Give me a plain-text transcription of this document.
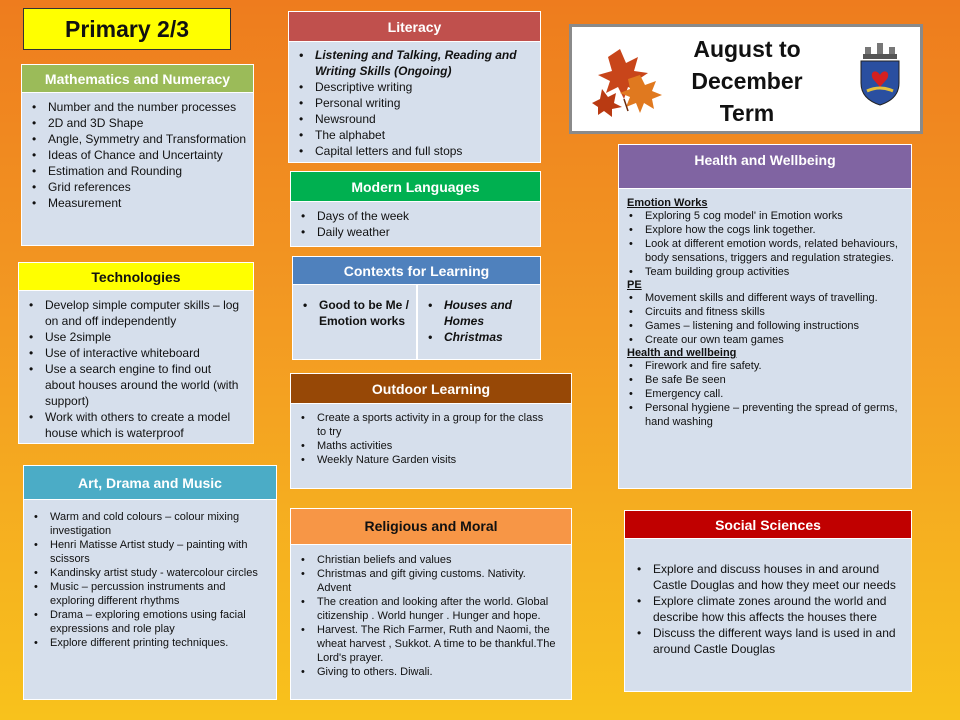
Primary 2/3
August to
December
Term
Mathematics and Numeracy
• Number and the number processes
• 2D and 3D Shape
• Angle, Symmetry and Transformation
• Ideas of Chance and Uncertainty
• Estimation and Rounding
• Grid references
• Measurement
Technologies
• Develop simple computer skills – log on and off independently
• Use 2simple
• Use of interactive whiteboard
• Use a search engine to find out about houses around the world (with support)
• Work with others to create a model house which is waterproof
Art, Drama and Music
• Warm and cold colours – colour mixing investigation
• Henri Matisse Artist study – painting with scissors
• Kandinsky artist study - watercolour circles
• Music – percussion instruments and exploring different rhythms
• Drama – exploring emotions using facial expressions and role play
• Explore different printing techniques.
Literacy
• Listening and Talking, Reading and Writing Skills (Ongoing)
• Descriptive writing
• Personal writing
• Newsround
• The alphabet
• Capital letters and full stops
Modern Languages
• Days of the week
• Daily weather
Contexts for Learning
• Good to be Me / Emotion works
• Houses and Homes
• Christmas
Outdoor Learning
• Create a sports activity in a group for the class to try
• Maths activities
• Weekly Nature Garden visits
Religious and Moral
• Christian beliefs and values
• Christmas and gift giving customs. Nativity. Advent
• The creation and looking after the world. Global citizenship . World hunger . Hunger and hope.
• Harvest. The Rich Farmer, Ruth and Naomi, the wheat harvest , Sukkot. A time to be thankful.The Lord's prayer.
• Giving to others. Diwali.
Health and Wellbeing
Emotion Works
• Exploring 5 cog model' in Emotion works
• Explore how the cogs link together.
• Look at different emotion words, related behaviours, body sensations, triggers and regulation strategies.
• Team building group activities
PE
• Movement skills and different ways of travelling.
• Circuits and fitness skills
• Games – listening and following instructions
• Create our own team games
Health and wellbeing
• Firework and fire safety.
• Be safe Be seen
• Emergency call.
• Personal hygiene – preventing the spread of germs, hand washing
Social Sciences
• Explore and discuss houses in and around Castle Douglas and how they meet our needs
• Explore climate zones around the world and describe how this affects the houses there
• Discuss the different ways land is used in and around Castle Douglas
